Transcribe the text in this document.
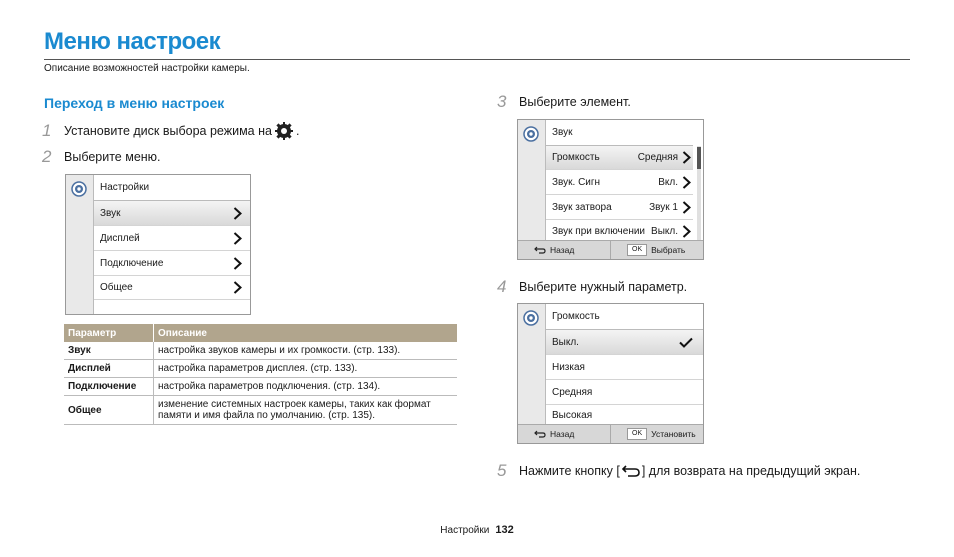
Меню настроек
Описание возможностей настройки камеры.
Переход в меню настроек
1	Установите диск выбора режима на .
2	Выберите меню.
Настройки
Звук
Дисплей
Подключение
Общее
Параметр	Описание
Звук	настройка звуков камеры и их громкости. (стр. 133).
Дисплей	настройка параметров дисплея. (стр. 133).
Подключение	настройка параметров подключения. (стр. 134).
Общее	изменение системных настроек камеры, таких как формат памяти и имя файла по умолчанию. (стр. 135).
3	Выберите элемент.
Звук
Громкость	Средняя
Звук. Сигн	Вкл.
Звук затвора	Звук 1
Звук при включении Выкл.
Назад	OK	Выбрать
4	Выберите нужный параметр.
Громкость
Выкл.
Низкая
Средняя
Высокая
Назад	OK	Установить
5	Нажмите кнопку [ ] для возврата на предыдущий экран.
Настройки 132
